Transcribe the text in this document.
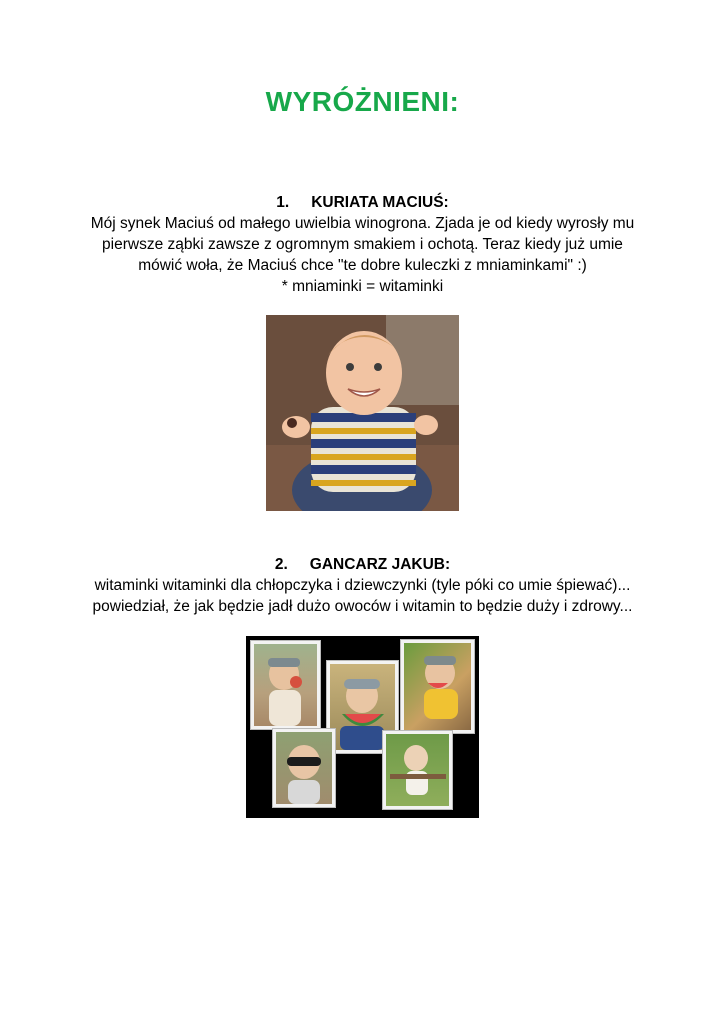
WYRÓŻNIENI:
1. KURIATA MACIUŚ:
Mój synek Maciuś od małego uwielbia winogrona. Zjada je od kiedy wyrosły mu
pierwsze ząbki zawsze z ogromnym smakiem i ochotą. Teraz kiedy już umie
mówić woła, że Maciuś chce "te dobre kuleczki z mniaminkami" :)
* mniaminki = witaminki
2. GANCARZ JAKUB:
witaminki witaminki dla chłopczyka i dziewczynki (tyle póki co umie śpiewać)...
powiedział, że jak będzie jadł dużo owoców i witamin to będzie duży i zdrowy...
